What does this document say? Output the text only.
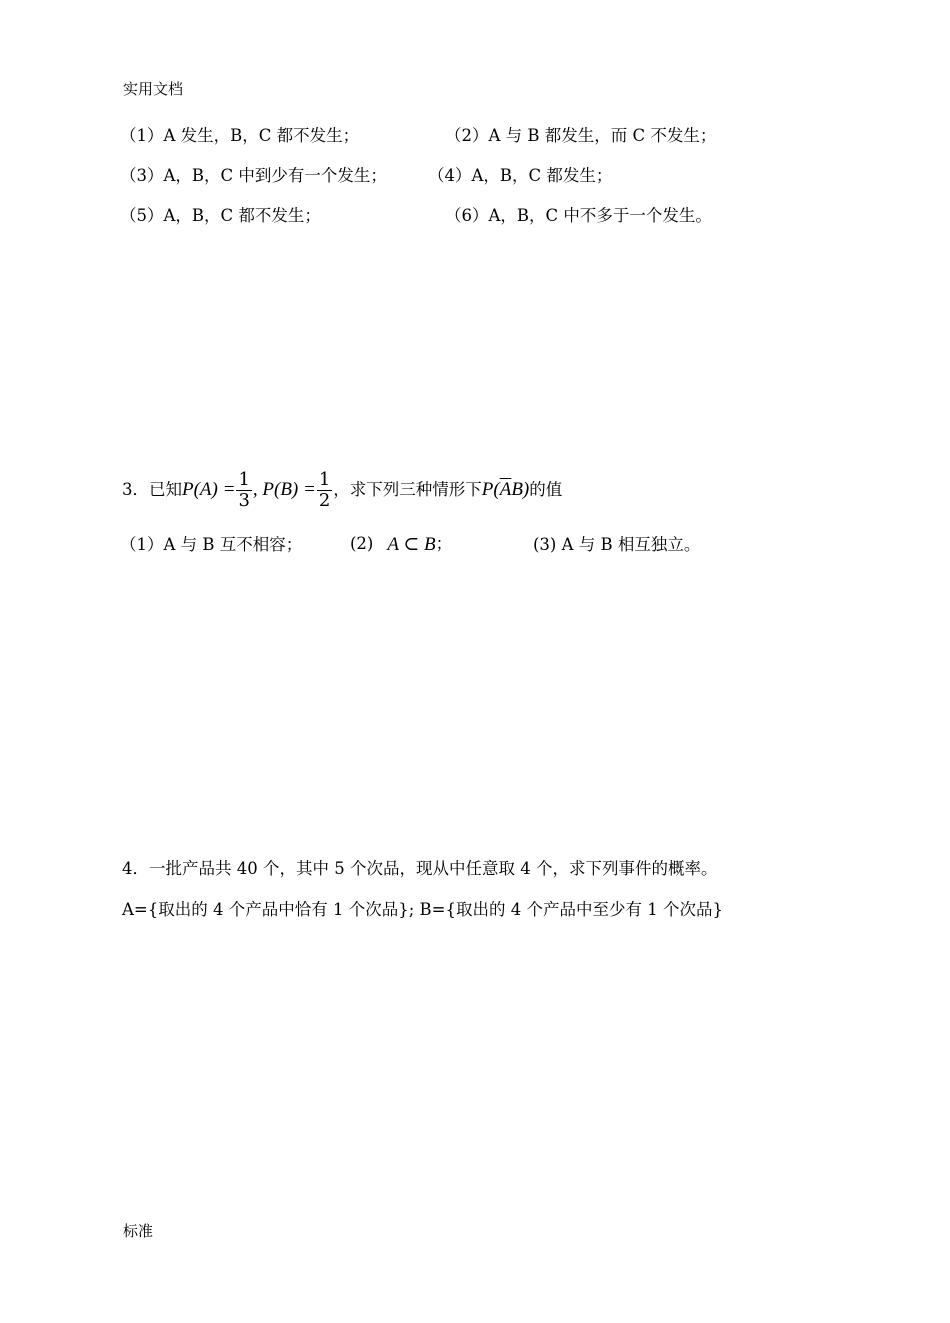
实用文档
（1）A 发生，B，C 都不发生；	（2）A 与 B 都发生，而 C 不发生；
（3）A，B，C 中到少有一个发生； （4）A，B，C 都发生；
（5）A，B，C 都不发生；	（6）A，B，C 中不多于一个发生。
3．已知 $P(A) = \frac{1}{3}$ , $P(B) = \frac{1}{2}$ ，求下列三种情形下 $P(\overline{A}B)$ 的值
（1）A 与 B 互不相容；	(2) A ⊂ B ；	(3) A 与 B 相互独立。
4．一批产品共 40 个，其中 5 个次品，现从中任意取 4 个，求下列事件的概率。
A={取出的 4 个产品中恰有 1 个次品}; B={取出的 4 个产品中至少有 1 个次品}
标准
